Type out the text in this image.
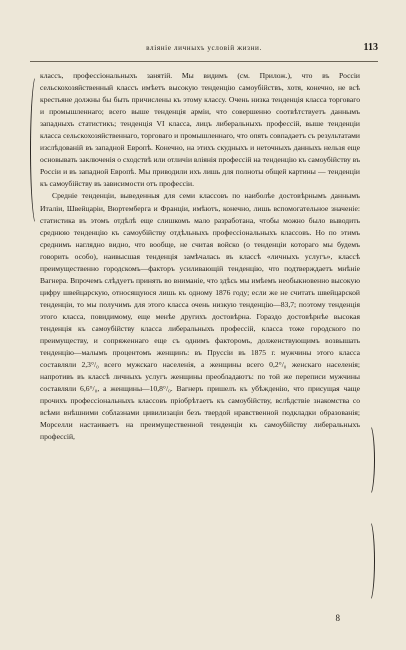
вліяніе личныхъ условій жизни.	113

классъ, профессіональныхъ занятій. Мы видимъ (см. Прилож.), что въ Россіи сельскохозяйственный классъ имѣетъ высокую тенденцію самоубійствъ, хотя, конечно, не всѣ крестьяне должны бы быть причислены къ этому классу. Очень низка тенденція класса торговаго и промышленнаго; всего выше тенденція арміи, что совершенно соотвѣтствуетъ даннымъ западныхъ статистикъ; тенденція VI класса, лицъ либеральныхъ профессій, выше тенденціи класса сельскохозяйственнаго, торговаго и промышленнаго, что опять совпадаетъ съ результатами изслѣдованій въ западной Европѣ. Конечно, на этихъ скудныхъ и неточныхъ данныхъ нельзя еще основывать заключенія о сходствѣ или отличіи вліянія профессій на тенденцію къ самоубійству въ Россіи и въ западной Европѣ. Мы приводили ихъ лишь для полноты общей картины — тенденціи къ самоубійству въ зависимости отъ профессіи.

Средніе тенденціи, выведенныя для семи классовъ по наиболѣе достовѣрнымъ даннымъ Италіи, Швейцаріи, Вюртемберга и Франціи, имѣютъ, конечно, лишь вспомогательное значеніе: статистика въ этомъ отдѣлѣ еще слишкомъ мало разработана, чтобы можно было выводить среднюю тенденцію къ самоубійству отдѣльныхъ профессіональныхъ классовъ. Но по этимъ среднимъ наглядно видно, что вообще, не считая войско (о тенденціи котораго мы будемъ говорить особо), наивысшая тенденція замѣчалась въ классѣ «личныхъ услугъ», классѣ преимущественно городскомъ—факторъ усиливающій тенденцію, что подтверждаетъ мнѣніе Вагнера. Впрочемъ слѣдуетъ принять во вниманіе, что здѣсь мы имѣемъ необыкновенно высокую цифру швейцарскую, относящуюся лишь къ одному 1876 году; если же не считать швейцарской тенденціи, то мы получимъ для этого класса очень низкую тенденцію—83,7; поэтому тенденція этого класса, повидимому, еще менѣе другихъ достовѣрна. Гораздо достовѣрнѣе высокая тенденція къ самоубійству класса либеральныхъ профессій, класса тоже городского по преимуществу, и сопряженнаго еще съ однимъ факторомъ, долженствующимъ возвышать тенденцію—малымъ процентомъ женщинъ: въ Пруссіи въ 1875 г. мужчины этого класса составляли 2,3°/₀ всего мужскаго населенія, а женщины всего 0,2°/₀ женскаго населенія; напротивъ въ классѣ личныхъ услугъ женщины преобладаютъ: по той же переписи мужчины составляли 6,6°/₀, а женщины—10,8°/₀. Вагнеръ пришелъ къ убѣжденію, что присущая чаще прочихъ профессіональныхъ классовъ пріобрѣтаетъ къ самоубійству, вслѣдствіе знакомства со всѣми внѣшними соблазнами цивилизаціи безъ твердой нравственной подкладки образованія; Морселли настаиваетъ на преимущественной тенденціи къ самоубійству либеральныхъ профессій,

8
